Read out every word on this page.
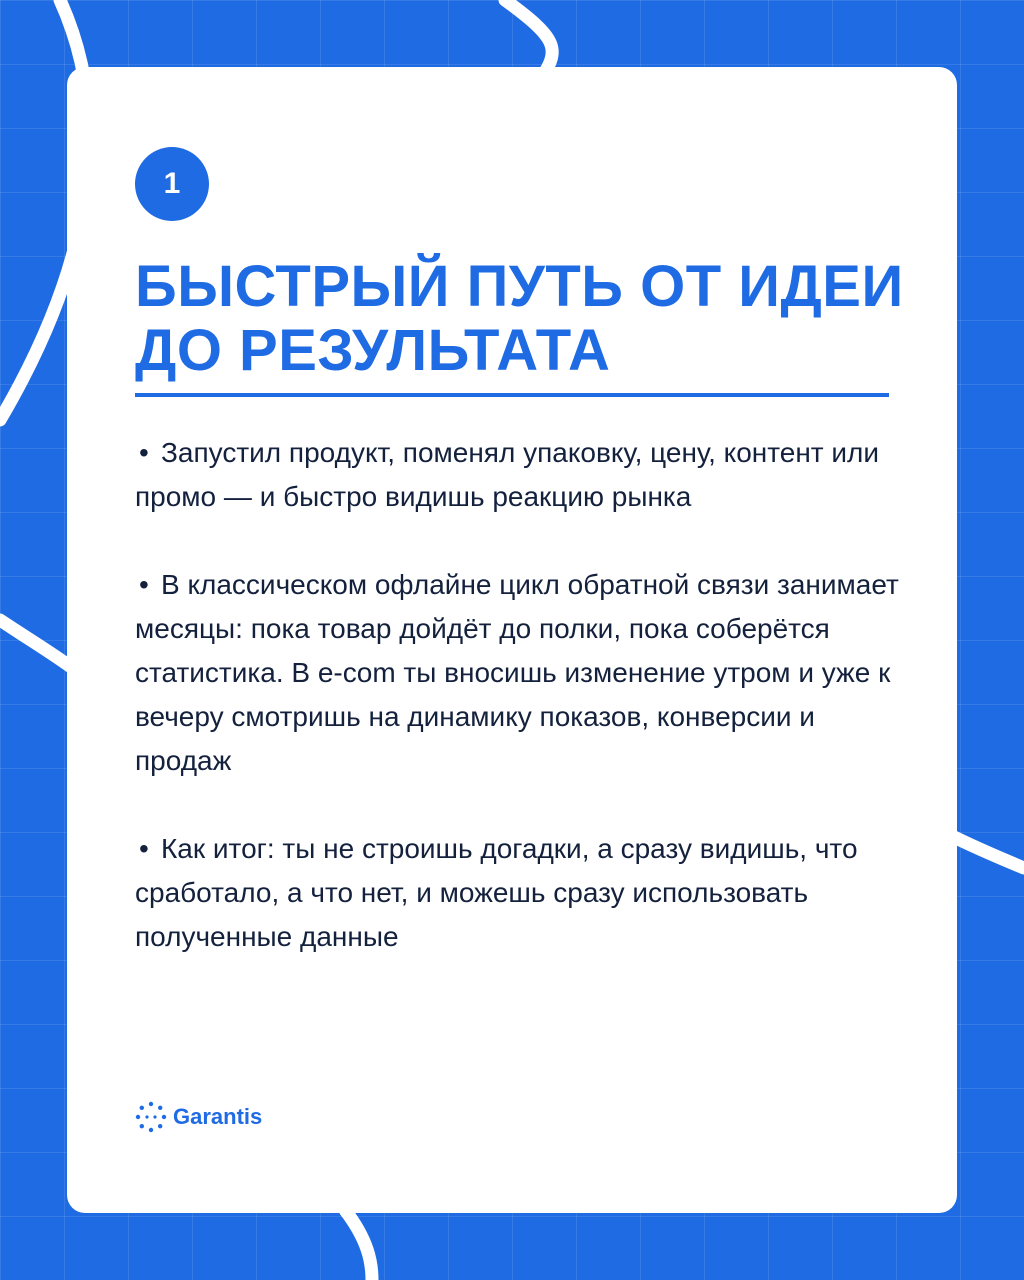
1
БЫСТРЫЙ ПУТЬ ОТ ИДЕИ ДО РЕЗУЛЬТАТА
• Запустил продукт, поменял упаковку, цену, контент или промо — и быстро видишь реакцию рынка
• В классическом офлайне цикл обратной связи занимает месяцы: пока товар дойдёт до полки, пока соберётся статистика. В e-com ты вносишь изменение утром и уже к вечеру смотришь на динамику показов, конверсии и продаж
• Как итог: ты не строишь догадки, а сразу видишь, что сработало, а что нет, и можешь сразу использовать полученные данные
Garantis
